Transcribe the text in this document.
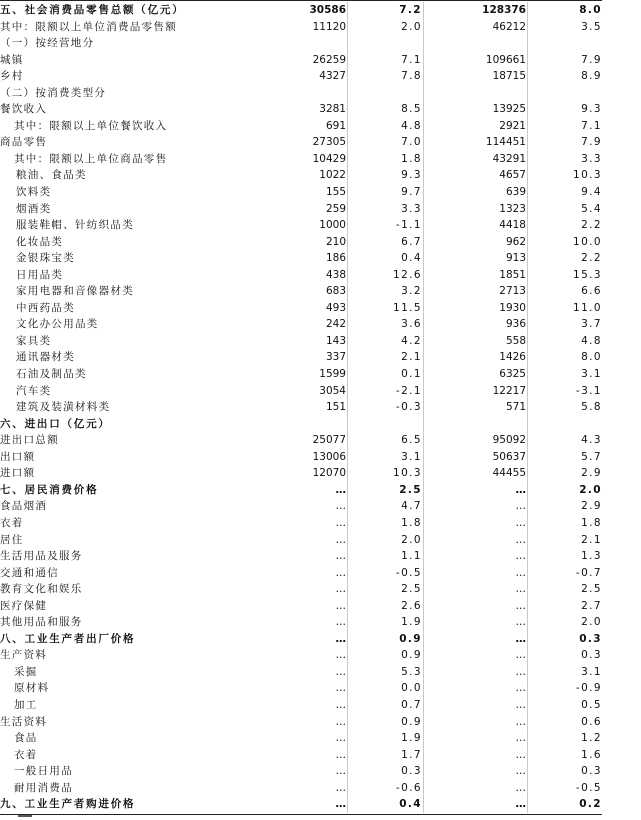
五、社会消费品零售总额（亿元）	30586	7.2	128376	8.0
其中：限额以上单位消费品零售额	11120	2.0	46212	3.5
（一）按经营地分
城镇	26259	7.1	109661	7.9
乡村	4327	7.8	18715	8.9
（二）按消费类型分
餐饮收入	3281	8.5	13925	9.3
其中：限额以上单位餐饮收入	691	4.8	2921	7.1
商品零售	27305	7.0	114451	7.9
其中：限额以上单位商品零售	10429	1.8	43291	3.3
粮油、食品类	1022	9.3	4657	10.3
饮料类	155	9.7	639	9.4
烟酒类	259	3.3	1323	5.4
服装鞋帽、针纺织品类	1000	-1.1	4418	2.2
化妆品类	210	6.7	962	10.0
金银珠宝类	186	0.4	913	2.2
日用品类	438	12.6	1851	15.3
家用电器和音像器材类	683	3.2	2713	6.6
中西药品类	493	11.5	1930	11.0
文化办公用品类	242	3.6	936	3.7
家具类	143	4.2	558	4.8
通讯器材类	337	2.1	1426	8.0
石油及制品类	1599	0.1	6325	3.1
汽车类	3054	-2.1	12217	-3.1
建筑及装潢材料类	151	-0.3	571	5.8
六、进出口（亿元）
进出口总额	25077	6.5	95092	4.3
出口额	13006	3.1	50637	5.7
进口额	12070	10.3	44455	2.9
七、居民消费价格	…	2.5	…	2.0
食品烟酒	…	4.7	…	2.9
衣着	…	1.8	…	1.8
居住	…	2.0	…	2.1
生活用品及服务	…	1.1	…	1.3
交通和通信	…	-0.5	…	-0.7
教育文化和娱乐	…	2.5	…	2.5
医疗保健	…	2.6	…	2.7
其他用品和服务	…	1.9	…	2.0
八、工业生产者出厂价格	…	0.9	…	0.3
生产资料	…	0.9	…	0.3
采掘	…	5.3	…	3.1
原材料	…	0.0	…	-0.9
加工	…	0.7	…	0.5
生活资料	…	0.9	…	0.6
食品	…	1.9	…	1.2
衣着	…	1.7	…	1.6
一般日用品	…	0.3	…	0.3
耐用消费品	…	-0.6	…	-0.5
九、工业生产者购进价格	…	0.4	…	0.2
